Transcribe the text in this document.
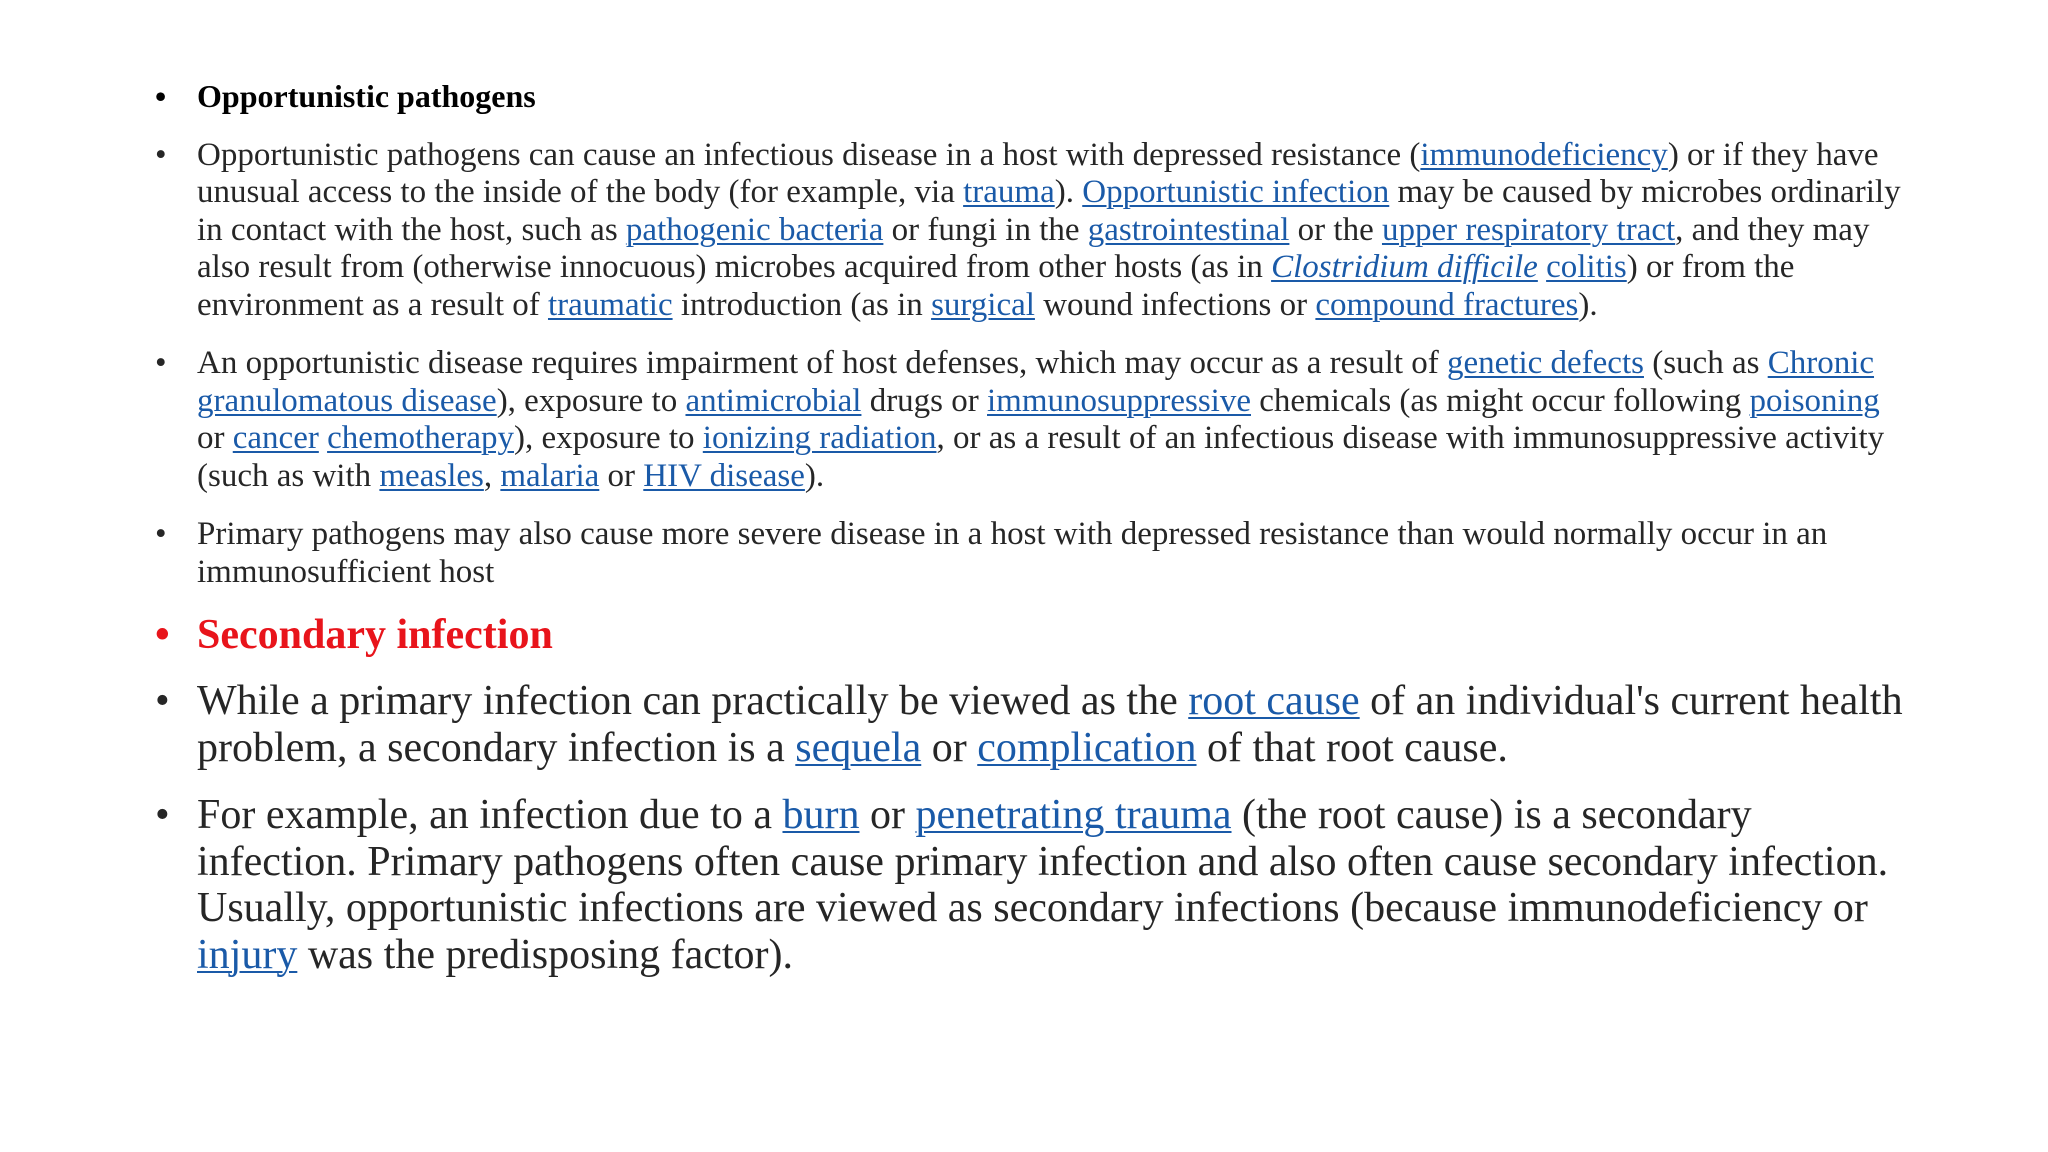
• Opportunistic pathogens
• Opportunistic pathogens can cause an infectious disease in a host with depressed resistance (immunodeficiency) or if they have unusual access to the inside of the body (for example, via trauma). Opportunistic infection may be caused by microbes ordinarily in contact with the host, such as pathogenic bacteria or fungi in the gastrointestinal or the upper respiratory tract, and they may also result from (otherwise innocuous) microbes acquired from other hosts (as in Clostridium difficile colitis) or from the environment as a result of traumatic introduction (as in surgical wound infections or compound fractures).
• An opportunistic disease requires impairment of host defenses, which may occur as a result of genetic defects (such as Chronic granulomatous disease), exposure to antimicrobial drugs or immunosuppressive chemicals (as might occur following poisoning or cancer chemotherapy), exposure to ionizing radiation, or as a result of an infectious disease with immunosuppressive activity (such as with measles, malaria or HIV disease).
• Primary pathogens may also cause more severe disease in a host with depressed resistance than would normally occur in an immunosufficient host
• Secondary infection
• While a primary infection can practically be viewed as the root cause of an individual's current health problem, a secondary infection is a sequela or complication of that root cause.
• For example, an infection due to a burn or penetrating trauma (the root cause) is a secondary infection. Primary pathogens often cause primary infection and also often cause secondary infection. Usually, opportunistic infections are viewed as secondary infections (because immunodeficiency or injury was the predisposing factor).
